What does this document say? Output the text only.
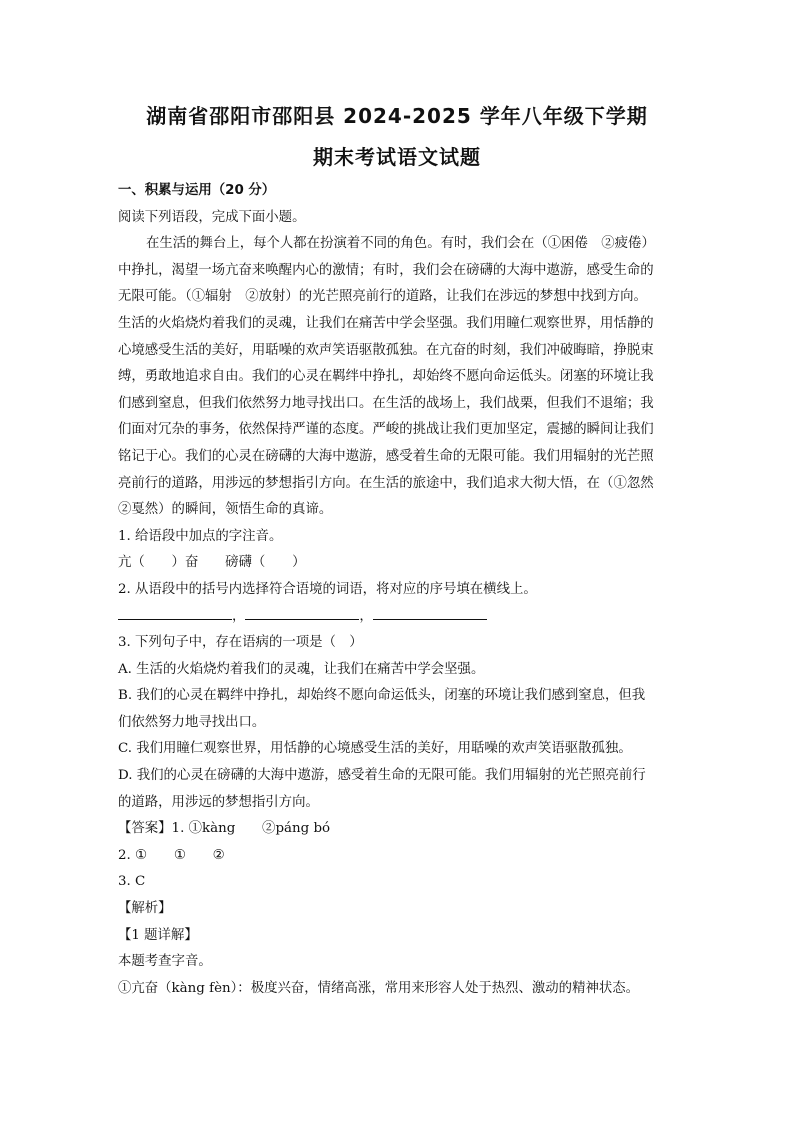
湖南省邵阳市邵阳县 2024-2025 学年八年级下学期
期末考试语文试题

一、积累与运用（20 分）

阅读下列语段，完成下面小题。

在生活的舞台上，每个人都在扮演着不同的角色。有时，我们会在（①困倦　②疲倦）

中挣扎，渴望一场亢奋来唤醒内心的激情；有时，我们会在磅礴的大海中遨游，感受生命的

无限可能。（①辐射　②放射）的光芒照亮前行的道路，让我们在涉远的梦想中找到方向。

生活的火焰烧灼着我们的灵魂，让我们在痛苦中学会坚强。我们用瞳仁观察世界，用恬静的

心境感受生活的美好，用聒噪的欢声笑语驱散孤独。在亢奋的时刻，我们冲破晦暗，挣脱束

缚，勇敢地追求自由。我们的心灵在羁绊中挣扎，却始终不愿向命运低头。闭塞的环境让我

们感到窒息，但我们依然努力地寻找出口。在生活的战场上，我们战栗，但我们不退缩；我

们面对冗杂的事务，依然保持严谨的态度。严峻的挑战让我们更加坚定，震撼的瞬间让我们

铭记于心。我们的心灵在磅礴的大海中遨游，感受着生命的无限可能。我们用辐射的光芒照

亮前行的道路，用涉远的梦想指引方向。在生活的旅途中，我们追求大彻大悟，在（①忽然

②戛然）的瞬间，领悟生命的真谛。

1. 给语段中加点的字注音。

亢（　　）奋　　磅礴（　　）

2. 从语段中的括号内选择符合语境的词语，将对应的序号填在横线上。

，	，

3. 下列句子中，存在语病的一项是（　）

A. 生活的火焰烧灼着我们的灵魂，让我们在痛苦中学会坚强。

B. 我们的心灵在羁绊中挣扎，却始终不愿向命运低头，闭塞的环境让我们感到窒息，但我

们依然努力地寻找出口。

C. 我们用瞳仁观察世界，用恬静的心境感受生活的美好，用聒噪的欢声笑语驱散孤独。

D. 我们的心灵在磅礴的大海中遨游，感受着生命的无限可能。我们用辐射的光芒照亮前行

的道路，用涉远的梦想指引方向。

【答案】1. ①kàng　　②páng bó

2. ①　　①　　②

3. C

【解析】

【1 题详解】

本题考查字音。

①亢奋（kàng fèn）：极度兴奋，情绪高涨，常用来形容人处于热烈、激动的精神状态。
